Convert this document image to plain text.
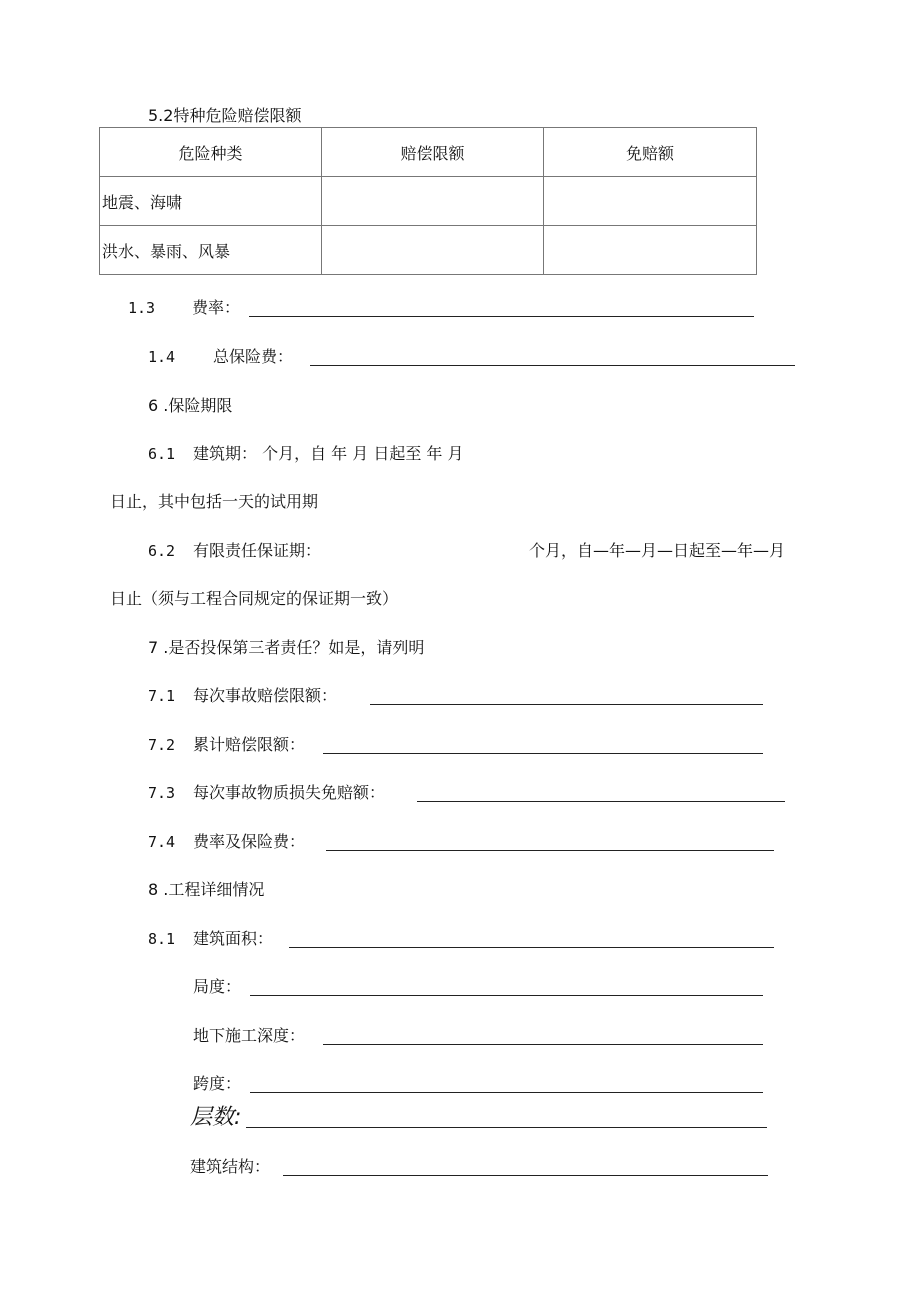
5.2特种危险赔偿限额
危险种类	赔偿限额	免赔额
地震、海啸		
洪水、暴雨、风暴		
1.3 费率：
1.4 总保险费：
6 .保险期限
6.1 建筑期： 个月，自 年 月 日起至 年 月
日止，其中包括一天的试用期
6.2 有限责任保证期：	个月，自—年—月—日起至—年—月
日止（须与工程合同规定的保证期一致）
7 .是否投保第三者责任？如是，请列明
7.1 每次事故赔偿限额：
7.2 累计赔偿限额：
7.3 每次事故物质损失免赔额：
7.4 费率及保险费：
8 .工程详细情况
8.1 建筑面积：
局度：
地下施工深度：
跨度：
层数:
建筑结构：
